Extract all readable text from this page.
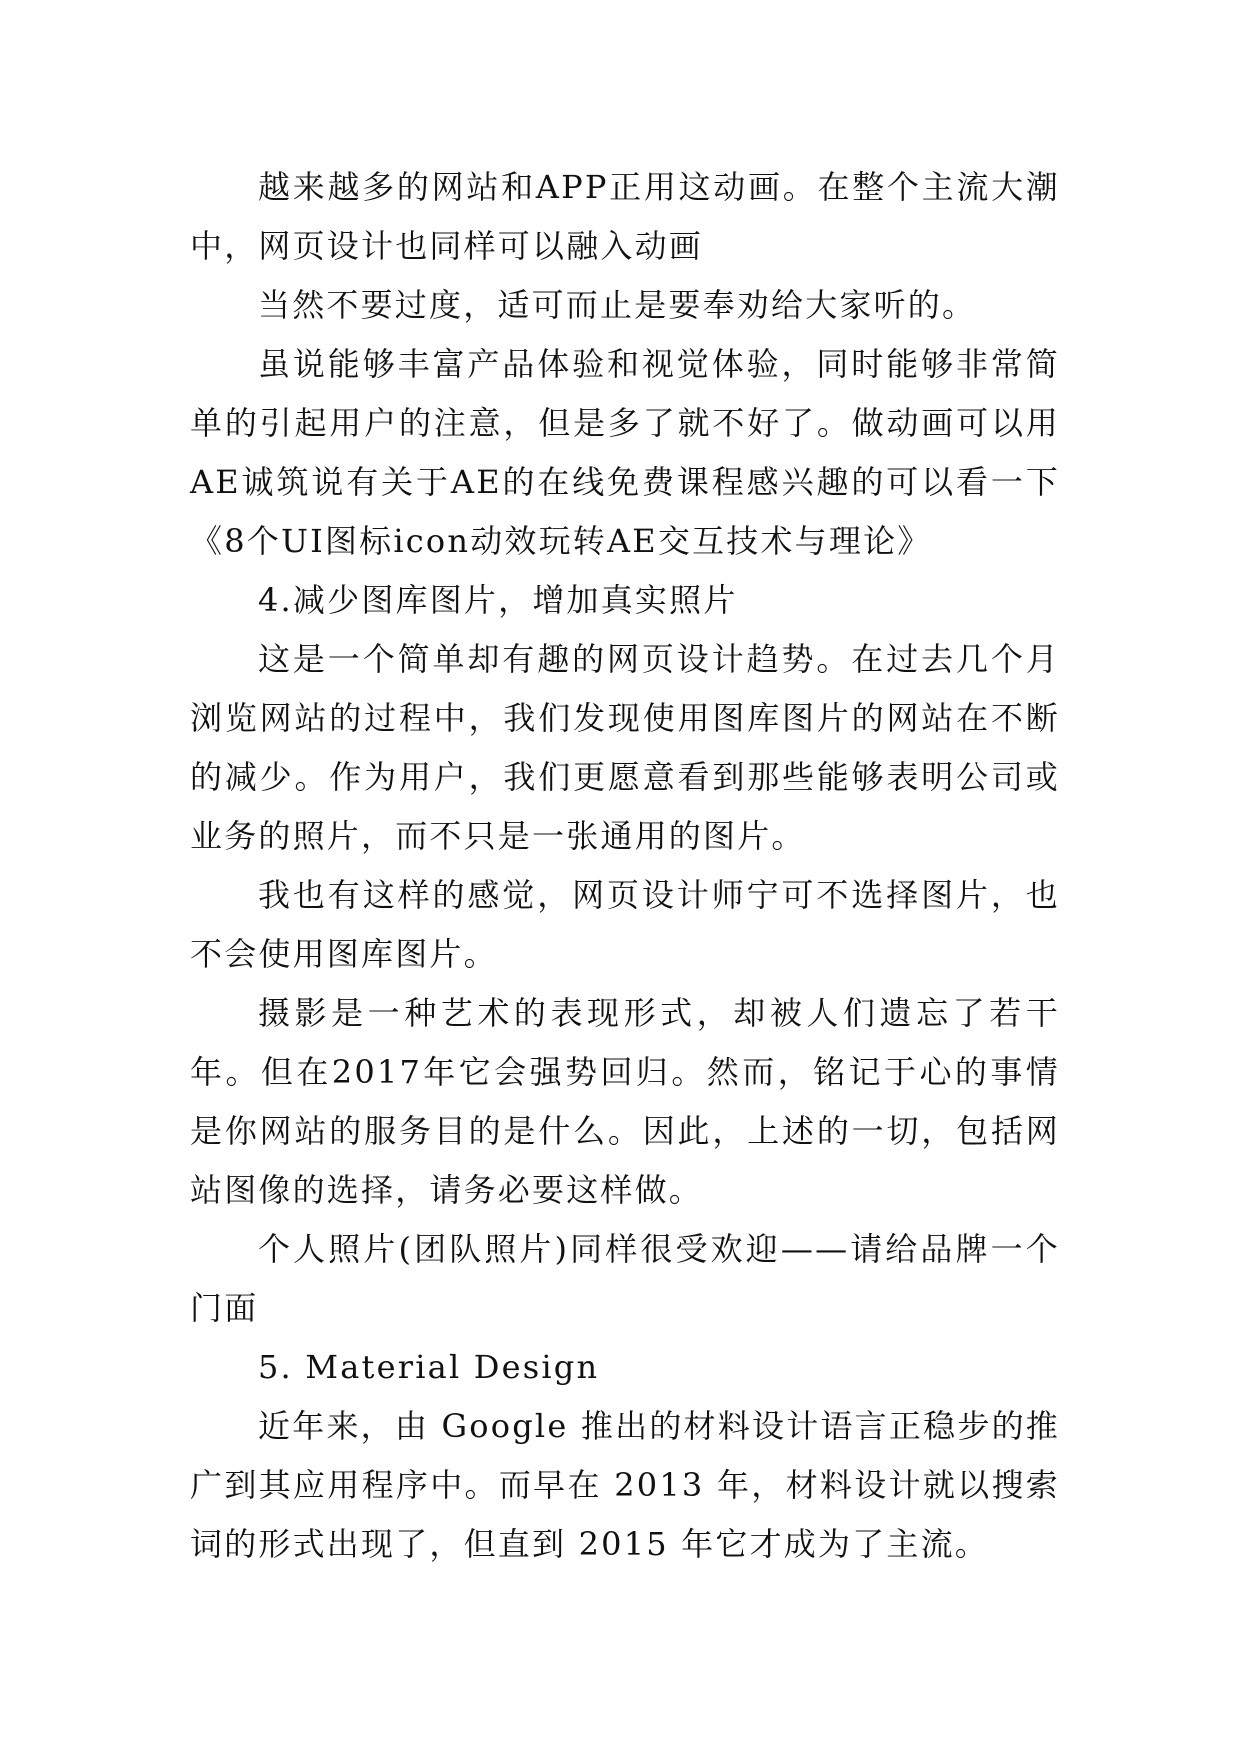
越来越多的网站和APP正用这动画。在整个主流大潮中，网页设计也同样可以融入动画

当然不要过度，适可而止是要奉劝给大家听的。

虽说能够丰富产品体验和视觉体验，同时能够非常简单的引起用户的注意，但是多了就不好了。做动画可以用AE诚筑说有关于AE的在线免费课程感兴趣的可以看一下《8个UI图标icon动效玩转AE交互技术与理论》

4.减少图库图片，增加真实照片

这是一个简单却有趣的网页设计趋势。在过去几个月浏览网站的过程中，我们发现使用图库图片的网站在不断的减少。作为用户，我们更愿意看到那些能够表明公司或业务的照片，而不只是一张通用的图片。

我也有这样的感觉，网页设计师宁可不选择图片，也不会使用图库图片。

摄影是一种艺术的表现形式，却被人们遗忘了若干年。但在2017年它会强势回归。然而，铭记于心的事情是你网站的服务目的是什么。因此，上述的一切，包括网站图像的选择，请务必要这样做。

个人照片(团队照片)同样很受欢迎——请给品牌一个门面

5. Material Design

近年来，由 Google 推出的材料设计语言正稳步的推广到其应用程序中。而早在 2013 年，材料设计就以搜索词的形式出现了，但直到 2015 年它才成为了主流。
